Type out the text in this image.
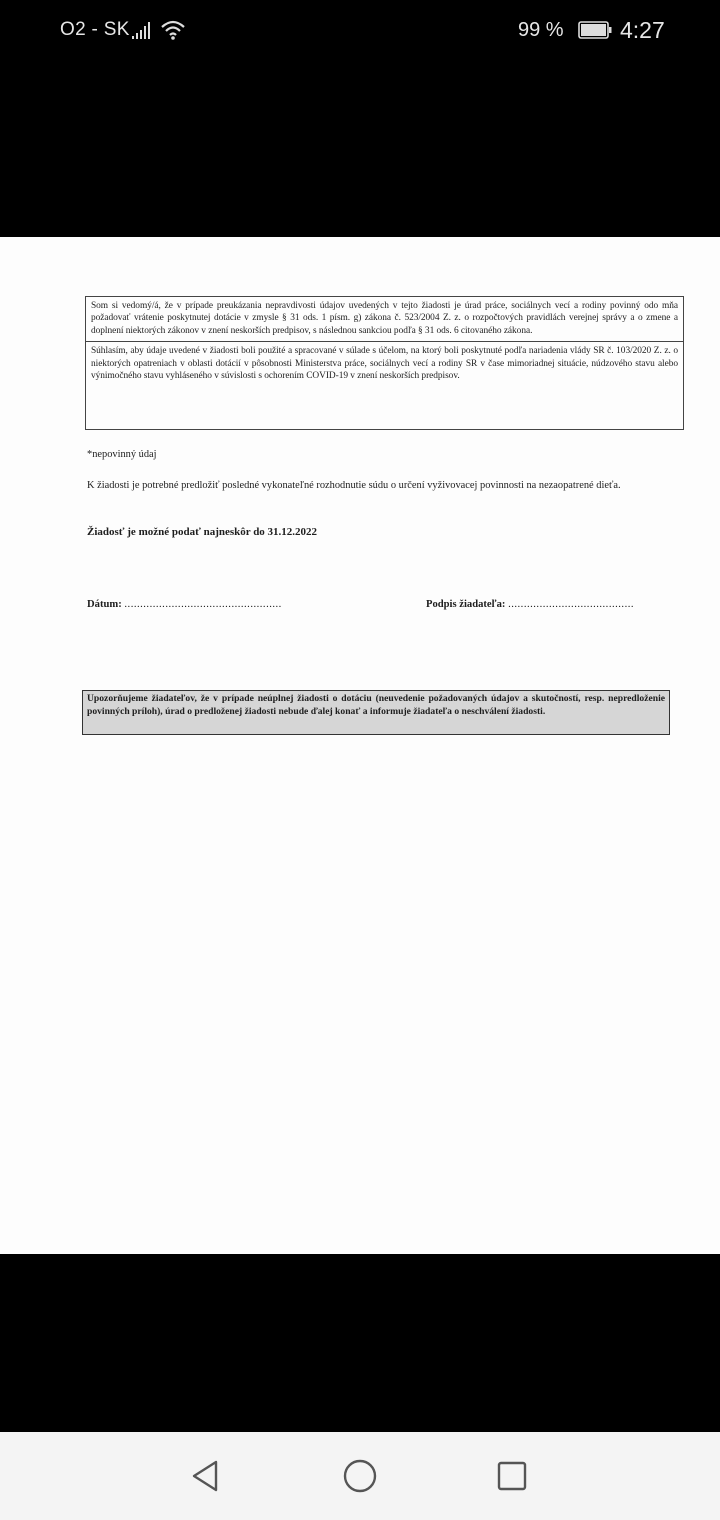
O2 - SK	99 % 4:27
Som si vedomý/á, že v prípade preukázania nepravdivosti údajov uvedených v tejto žiadosti je úrad práce, sociálnych vecí a rodiny povinný odo mňa požadovať vrátenie poskytnutej dotácie v zmysle § 31 ods. 1 písm. g) zákona č. 523/2004 Z. z. o rozpočtových pravidlách verejnej správy a o zmene a doplnení niektorých zákonov v znení neskorších predpisov, s následnou sankciou podľa § 31 ods. 6 citovaného zákona.
Súhlasím, aby údaje uvedené v žiadosti boli použité a spracované v súlade s účelom, na ktorý boli poskytnuté podľa nariadenia vlády SR č. 103/2020 Z. z. o niektorých opatreniach v oblasti dotácií v pôsobnosti Ministerstva práce, sociálnych vecí a rodiny SR v čase mimoriadnej situácie, núdzového stavu alebo výnimočného stavu vyhláseného v súvislosti s ochorením COVID-19 v znení neskorších predpisov.
*nepovinný údaj
K žiadosti je potrebné predložiť posledné vykonateľné rozhodnutie súdu o určení vyživovacej povinnosti na nezaopatrené dieťa.
Žiadosť je možné podať najneskôr do 31.12.2022
Dátum: ..................................................	Podpis žiadateľa: ........................................
Upozorňujeme žiadateľov, že v prípade neúplnej žiadosti o dotáciu (neuvedenie požadovaných údajov a skutočností, resp. nepredloženie povinných príloh), úrad o predloženej žiadosti nebude ďalej konať a informuje žiadateľa o neschválení žiadosti.
